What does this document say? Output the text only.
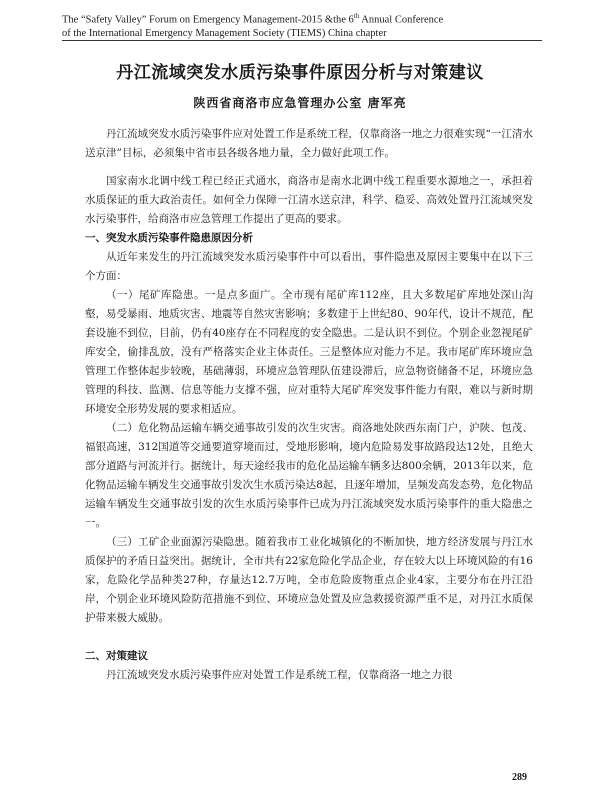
The “Safety Valley” Forum on Emergency Management-2015 &the 6th Annual Conference
of the International Emergency Management Society (TIEMS) China chapter
丹江流域突发水质污染事件原因分析与对策建议
陕西省商洛市应急管理办公室 唐军亮

丹江流域突发水质污染事件应对处置工作是系统工程，仅靠商洛一地之力很难实现“一江清水送京津”目标，必须集中省市县各级各地力量，全力做好此项工作。

国家南水北调中线工程已经正式通水，商洛市是南水北调中线工程重要水源地之一，承担着水质保证的重大政治责任。如何全力保障一江清水送京津，科学、稳妥、高效处置丹江流域突发水污染事件，给商洛市应急管理工作提出了更高的要求。

一、突发水质污染事件隐患原因分析

从近年来发生的丹江流域突发水质污染事件中可以看出，事件隐患及原因主要集中在以下三个方面：

（一）尾矿库隐患。一是点多面广。全市现有尾矿库112座，且大多数尾矿库地处深山沟壑，易受暴雨、地质灾害、地震等自然灾害影响；多数建于上世纪80、90年代，设计不规范，配套设施不到位，目前，仍有40座存在不同程度的安全隐患。二是认识不到位。个别企业忽视尾矿库安全，偷排乱放，没有严格落实企业主体责任。三是整体应对能力不足。我市尾矿库环境应急管理工作整体起步较晚，基础薄弱，环境应急管理队伍建设滞后，应急物资储备不足，环境应急管理的科技、监测、信息等能力支撑不强，应对重特大尾矿库突发事件能力有限，难以与新时期环境安全形势发展的要求相适应。

（二）危化物品运输车辆交通事故引发的次生灾害。商洛地处陕西东南门户，沪陕、包茂、福银高速，312国道等交通要道穿境而过，受地形影响，境内危险易发事故路段达12处，且绝大部分道路与河流并行。据统计，每天途经我市的危化品运输车辆多达800余辆，2013年以来，危化物品运输车辆发生交通事故引发次生水质污染达8起，且逐年增加，呈频发高发态势，危化物品运输车辆发生交通事故引发的次生水质污染事件已成为丹江流域突发水质污染事件的重大隐患之一。

（三）工矿企业面源污染隐患。随着我市工业化城镇化的不断加快，地方经济发展与丹江水质保护的矛盾日益突出。据统计，全市共有22家危险化学品企业，存在较大以上环境风险的有16家，危险化学品种类27种，存量达12.7万吨，全市危险废物重点企业4家，主要分布在丹江沿岸，个别企业环境风险防范措施不到位、环境应急处置及应急救援资源严重不足，对丹江水质保护带来极大威胁。

二、对策建议

丹江流域突发水质污染事件应对处置工作是系统工程，仅靠商洛一地之力很

289
